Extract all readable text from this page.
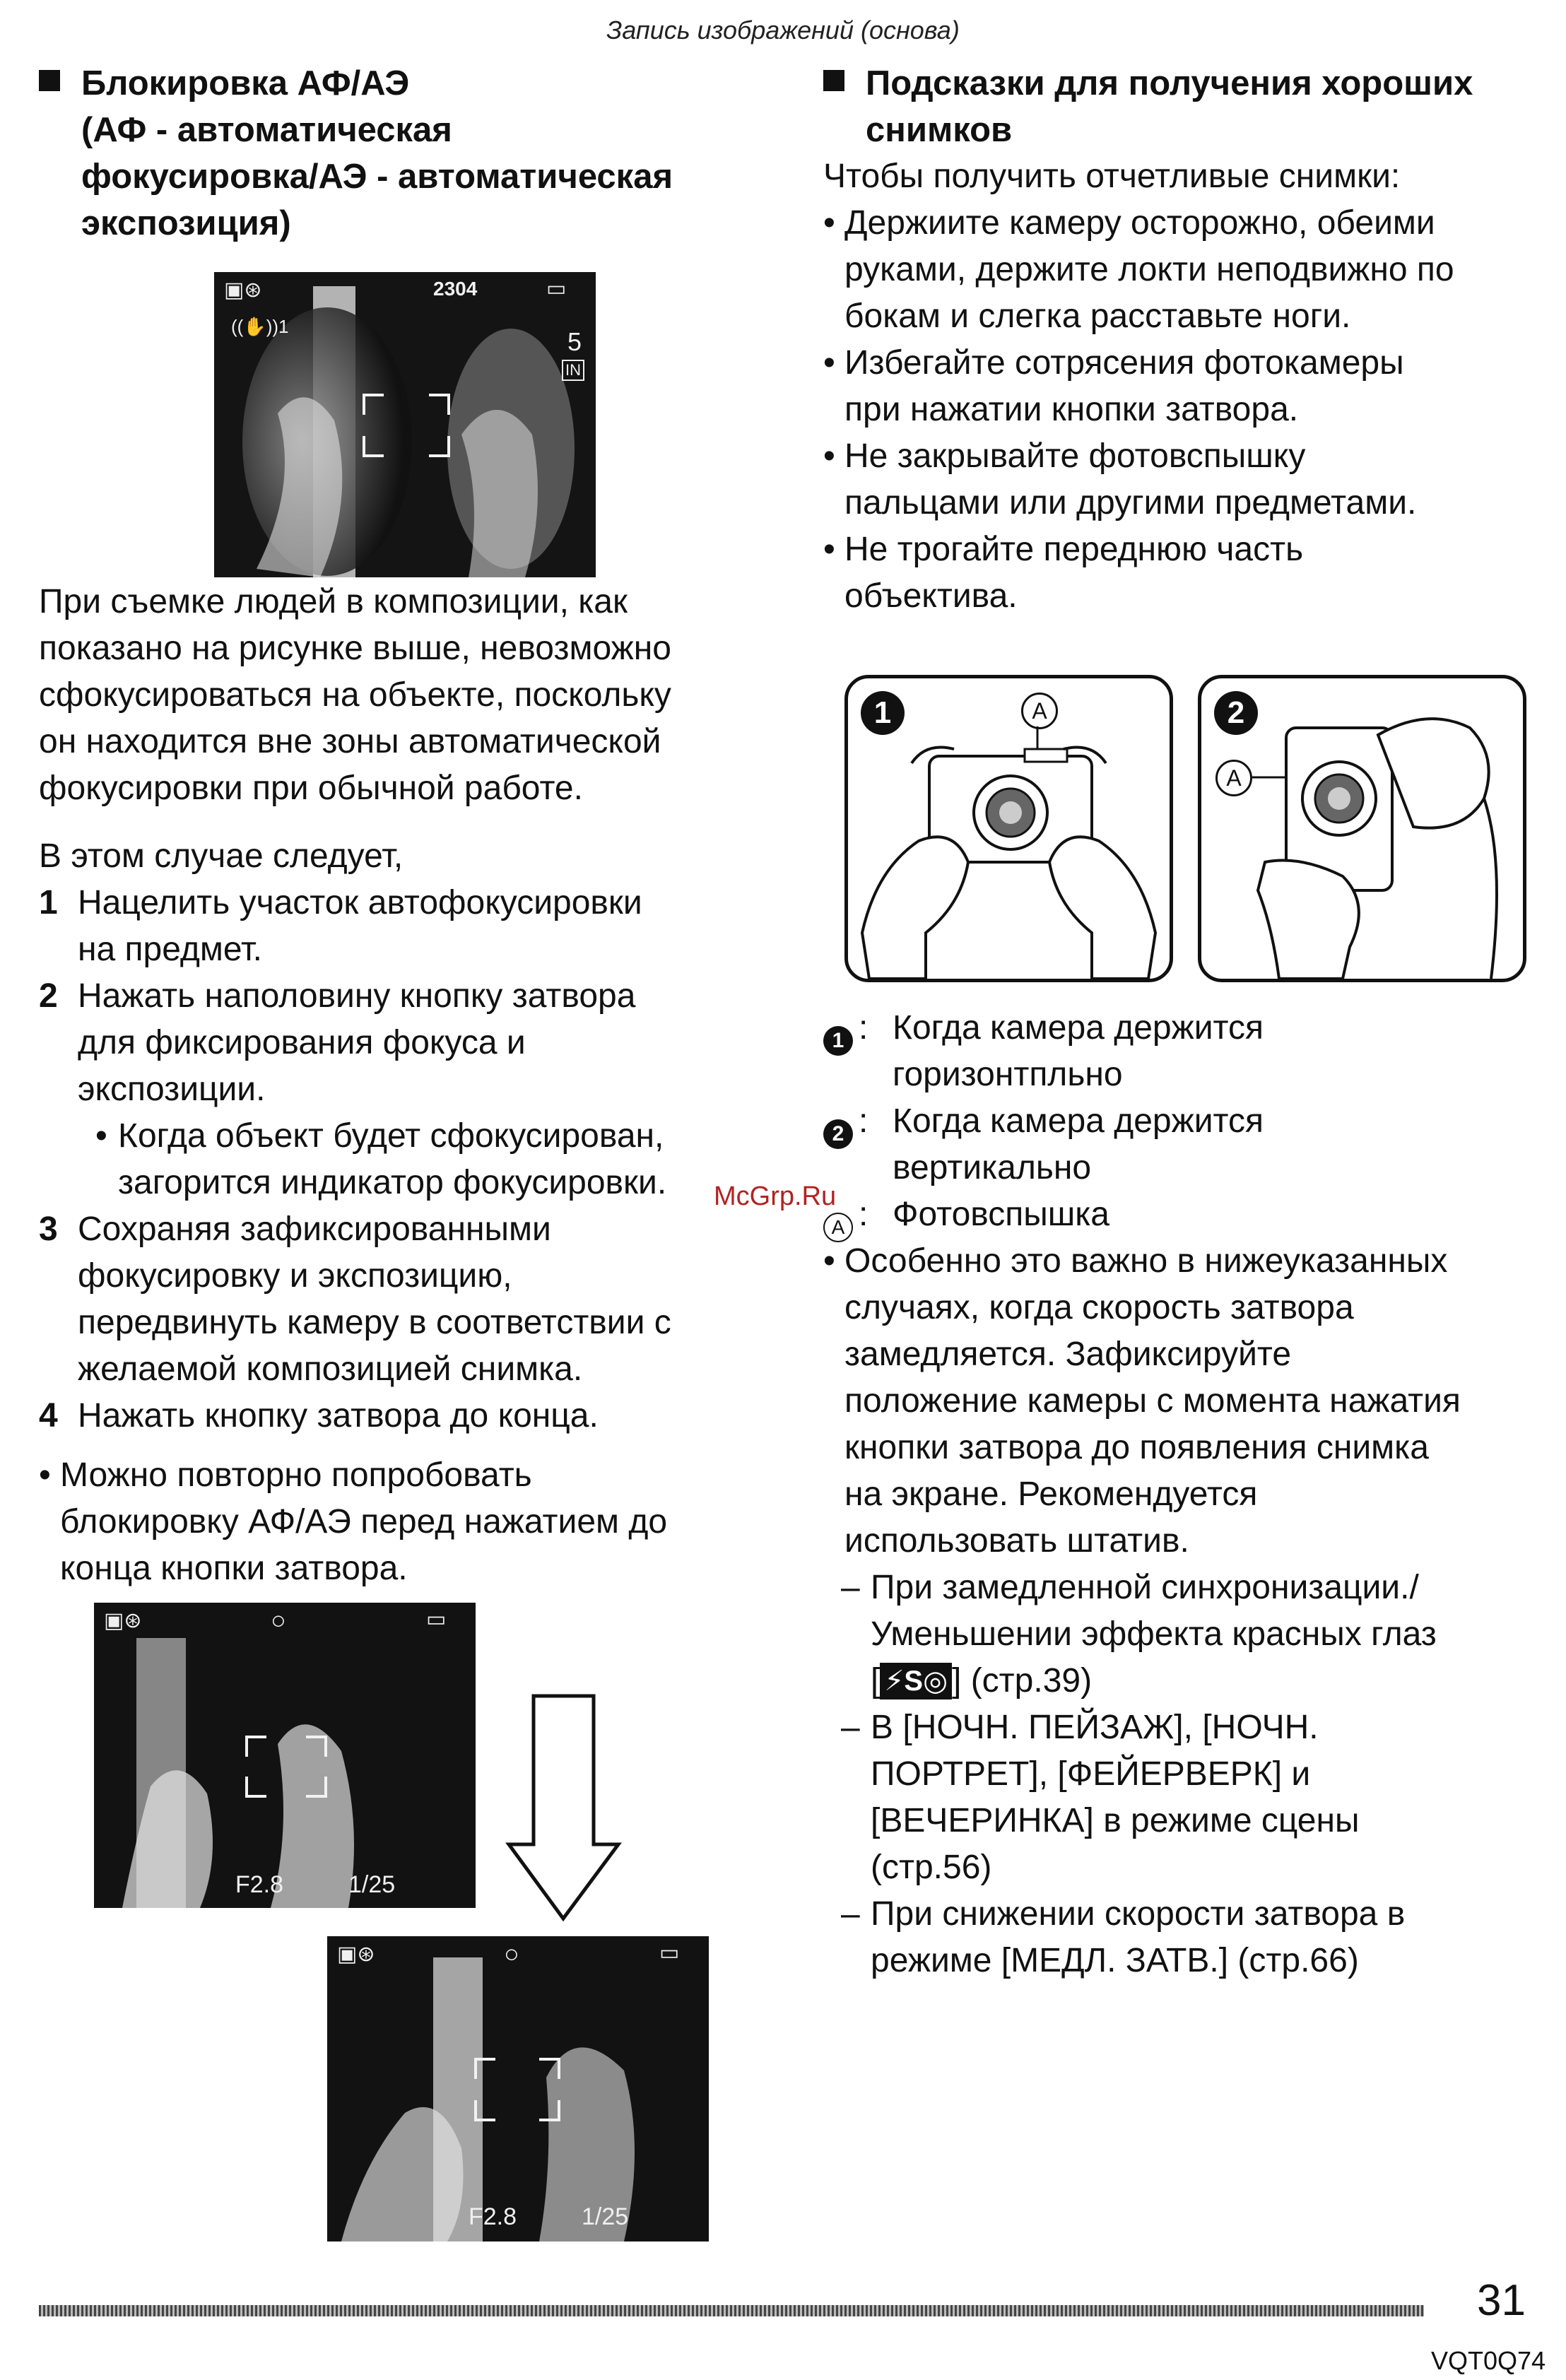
Запись изображений (основа)
Блокировка АФ/АЭ
(АФ - автоматическая
фокусировка/АЭ - автоматическая
экспозиция)
При съемке людей в композиции, как
показано на рисунке выше, невозможно
сфокусироваться на объекте, поскольку
он находится вне зоны автоматической
фокусировки при обычной работе.
В этом случае следует,
1 Нацелить участок автофокусировки
на предмет.
2 Нажать наполовину кнопку затвора
для фиксирования фокуса и
экспозиции.
• Когда объект будет сфокусирован,
загорится индикатор фокусировки.
3 Сохраняя зафиксированными
фокусировку и экспозицию,
передвинуть камеру в соответствии с
желаемой композицией снимка.
4 Нажать кнопку затвора до конца.
• Можно повторно попробовать
блокировку АФ/АЭ перед нажатием до
конца кнопки затвора.
▣⊛	2304	▭
((✋))1
5
IN
▣⊛	○	▭
F2.8	1/25
▣⊛	○	▭
F2.8	1/25
Подсказки для получения хороших
снимков
Чтобы получить отчетливые снимки:
• Держиите камеру осторожно, обеими
руками, держите локти неподвижно по
бокам и слегка расставьте ноги.
• Избегайте сотрясения фотокамеры
при нажатии кнопки затвора.
• Не закрывайте фотовспышку
пальцами или другими предметами.
• Не трогайте переднюю часть
объектива.
1 : Когда камера держится
горизонтпльно
2 : Когда камера держится
вертикально
A : Фотовспышка
• Особенно это важно в нижеуказанных
случаях, когда скорость затвора
замедляется. Зафиксируйте
положение камеры с момента нажатия
кнопки затвора до появления снимка
на экране. Рекомендуется
использовать штатив.
– При замедленной синхронизации./
Уменьшении эффекта красных глаз
[ ⚡S◎ ] (стр.39)
– В [НОЧН. ПЕЙЗАЖ], [НОЧН.
ПОРТРЕТ], [ФЕЙЕРВЕРК] и
[ВЕЧЕРИНКА] в режиме сцены
(стр.56)
– При снижении скорости затвора в
режиме [МЕДЛ. ЗАТВ.] (стр.66)
1	A	2
A
McGrp.Ru
31
VQT0Q74
